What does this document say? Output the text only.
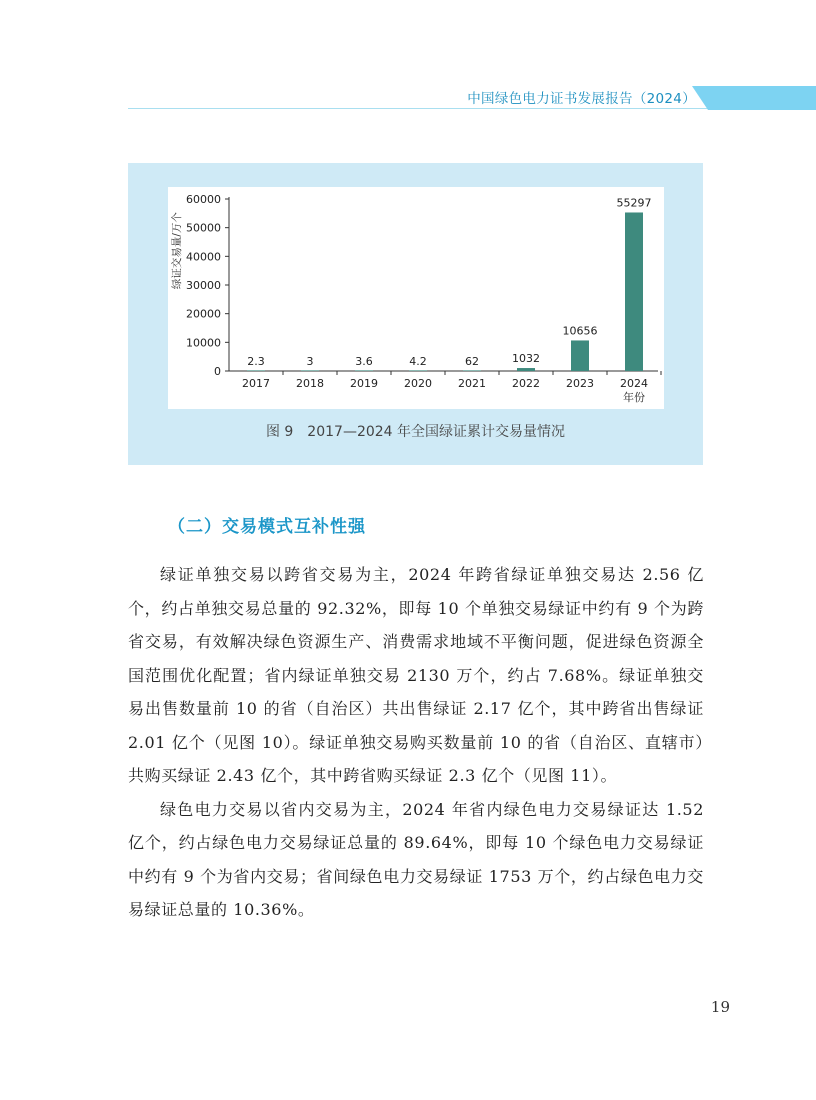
中国绿色电力证书发展报告（2024）
绿证交易量/万个
0
10000
20000
30000
40000
50000
60000
2.3
2017
3
2018
3.6
2019
4.2
2020
62
2021
1032
2022
10656
2023
55297
2024
年份
图 9　2017—2024 年全国绿证累计交易量情况
（二）交易模式互补性强

绿证单独交易以跨省交易为主，2024 年跨省绿证单独交易达 2.56 亿个，约占单独交易总量的 92.32%，即每 10 个单独交易绿证中约有 9 个为跨省交易，有效解决绿色资源生产、消费需求地域不平衡问题，促进绿色资源全国范围优化配置；省内绿证单独交易 2130 万个，约占 7.68%。绿证单独交易出售数量前 10 的省（自治区）共出售绿证 2.17 亿个，其中跨省出售绿证 2.01 亿个（见图 10）。绿证单独交易购买数量前 10 的省（自治区、直辖市）共购买绿证 2.43 亿个，其中跨省购买绿证 2.3 亿个（见图 11）。

绿色电力交易以省内交易为主，2024 年省内绿色电力交易绿证达 1.52 亿个，约占绿色电力交易绿证总量的 89.64%，即每 10 个绿色电力交易绿证中约有 9 个为省内交易；省间绿色电力交易绿证 1753 万个，约占绿色电力交易绿证总量的 10.36%。

19
